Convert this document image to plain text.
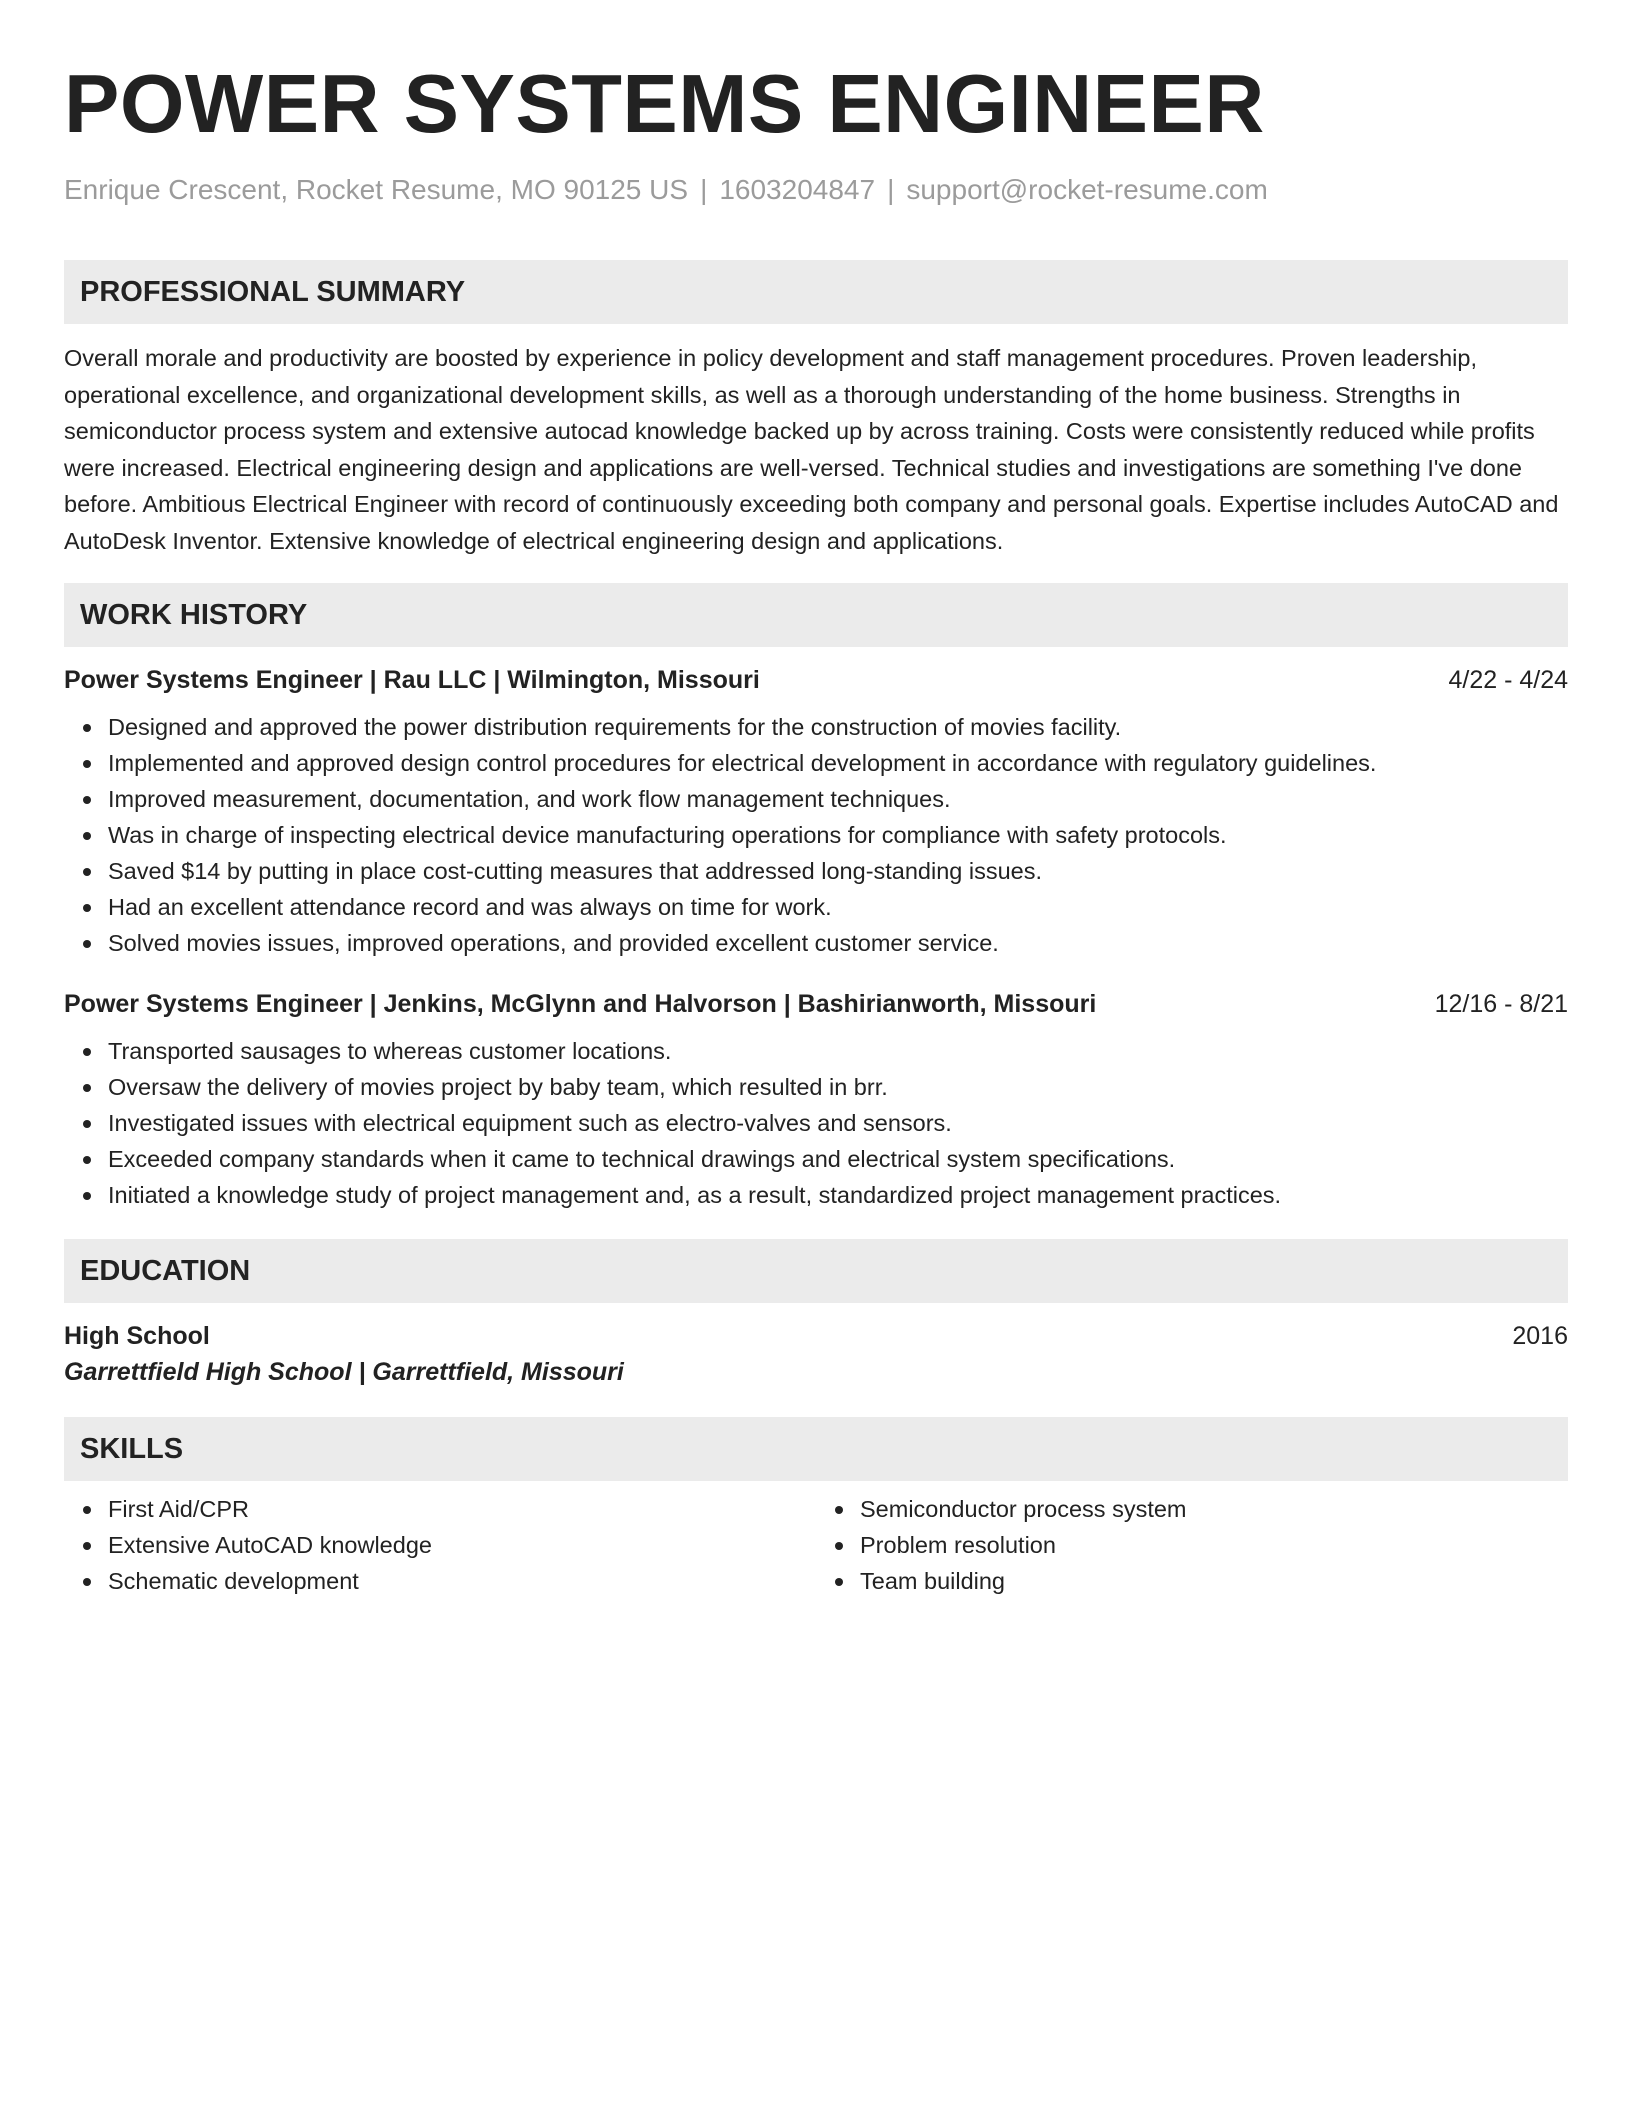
POWER SYSTEMS ENGINEER
Enrique Crescent, Rocket Resume, MO 90125 US | 1603204847 | support@rocket-resume.com
PROFESSIONAL SUMMARY
Overall morale and productivity are boosted by experience in policy development and staff management procedures. Proven leadership, operational excellence, and organizational development skills, as well as a thorough understanding of the home business. Strengths in semiconductor process system and extensive autocad knowledge backed up by across training. Costs were consistently reduced while profits were increased. Electrical engineering design and applications are well-versed. Technical studies and investigations are something I've done before. Ambitious Electrical Engineer with record of continuously exceeding both company and personal goals. Expertise includes AutoCAD and AutoDesk Inventor. Extensive knowledge of electrical engineering design and applications.
WORK HISTORY
Power Systems Engineer | Rau LLC | Wilmington, Missouri	4/22 - 4/24
Designed and approved the power distribution requirements for the construction of movies facility.
Implemented and approved design control procedures for electrical development in accordance with regulatory guidelines.
Improved measurement, documentation, and work flow management techniques.
Was in charge of inspecting electrical device manufacturing operations for compliance with safety protocols.
Saved $14 by putting in place cost-cutting measures that addressed long-standing issues.
Had an excellent attendance record and was always on time for work.
Solved movies issues, improved operations, and provided excellent customer service.
Power Systems Engineer | Jenkins, McGlynn and Halvorson | Bashirianworth, Missouri	12/16 - 8/21
Transported sausages to whereas customer locations.
Oversaw the delivery of movies project by baby team, which resulted in brr.
Investigated issues with electrical equipment such as electro-valves and sensors.
Exceeded company standards when it came to technical drawings and electrical system specifications.
Initiated a knowledge study of project management and, as a result, standardized project management practices.
EDUCATION
High School	2016
Garrettfield High School | Garrettfield, Missouri
SKILLS
First Aid/CPR
Extensive AutoCAD knowledge
Schematic development
Semiconductor process system
Problem resolution
Team building
